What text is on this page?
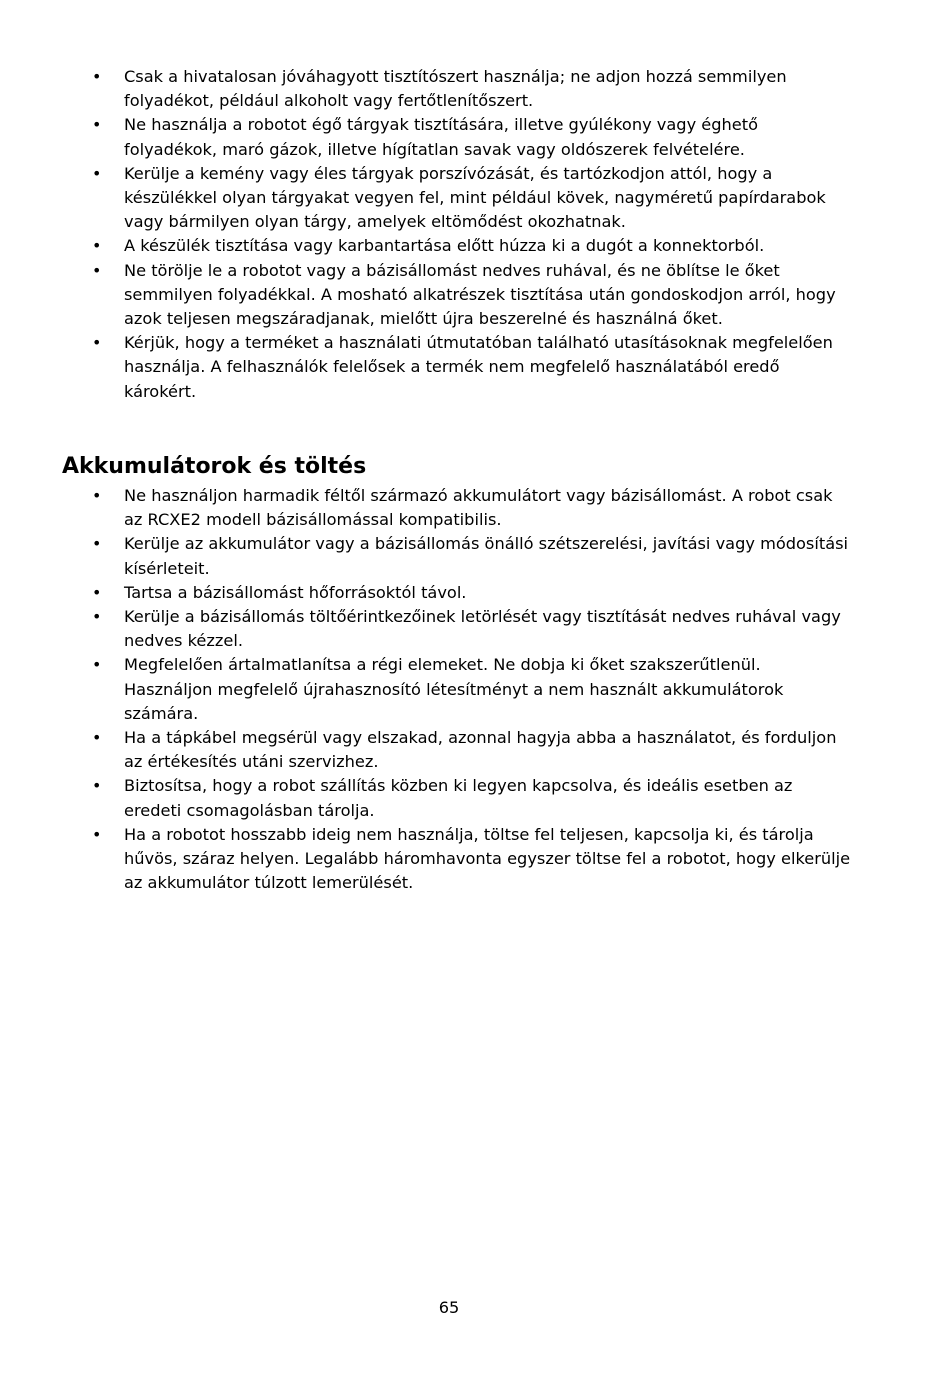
• Csak a hivatalosan jóváhagyott tisztítószert használja; ne adjon hozzá semmilyen folyadékot, például alkoholt vagy fertőtlenítőszert.
• Ne használja a robotot égő tárgyak tisztítására, illetve gyúlékony vagy éghető folyadékok, maró gázok, illetve hígítatlan savak vagy oldószerek felvételére.
• Kerülje a kemény vagy éles tárgyak porszívózását, és tartózkodjon attól, hogy a készülékkel olyan tárgyakat vegyen fel, mint például kövek, nagyméretű papírdarabok vagy bármilyen olyan tárgy, amelyek eltömődést okozhatnak.
• A készülék tisztítása vagy karbantartása előtt húzza ki a dugót a konnektorból.
• Ne törölje le a robotot vagy a bázisállomást nedves ruhával, és ne öblítse le őket semmilyen folyadékkal. A mosható alkatrészek tisztítása után gondoskodjon arról, hogy azok teljesen megszáradjanak, mielőtt újra beszerelné és használná őket.
• Kérjük, hogy a terméket a használati útmutatóban található utasításoknak megfelelően használja. A felhasználók felelősek a termék nem megfelelő használatából eredő károkért.
Akkumulátorok és töltés
• Ne használjon harmadik féltől származó akkumulátort vagy bázisállomást. A robot csak az RCXE2 modell bázisállomással kompatibilis.
• Kerülje az akkumulátor vagy a bázisállomás önálló szétszerelési, javítási vagy módosítási kísérleteit.
• Tartsa a bázisállomást hőforrásoktól távol.
• Kerülje a bázisállomás töltőérintkezőinek letörlését vagy tisztítását nedves ruhával vagy nedves kézzel.
• Megfelelően ártalmatlanítsa a régi elemeket. Ne dobja ki őket szakszerűtlenül. Használjon megfelelő újrahasznosító létesítményt a nem használt akkumulátorok számára.
• Ha a tápkábel megsérül vagy elszakad, azonnal hagyja abba a használatot, és forduljon az értékesítés utáni szervizhez.
• Biztosítsa, hogy a robot szállítás közben ki legyen kapcsolva, és ideális esetben az eredeti csomagolásban tárolja.
• Ha a robotot hosszabb ideig nem használja, töltse fel teljesen, kapcsolja ki, és tárolja hűvös, száraz helyen. Legalább háromhavonta egyszer töltse fel a robotot, hogy elkerülje az akkumulátor túlzott lemerülését.
65
